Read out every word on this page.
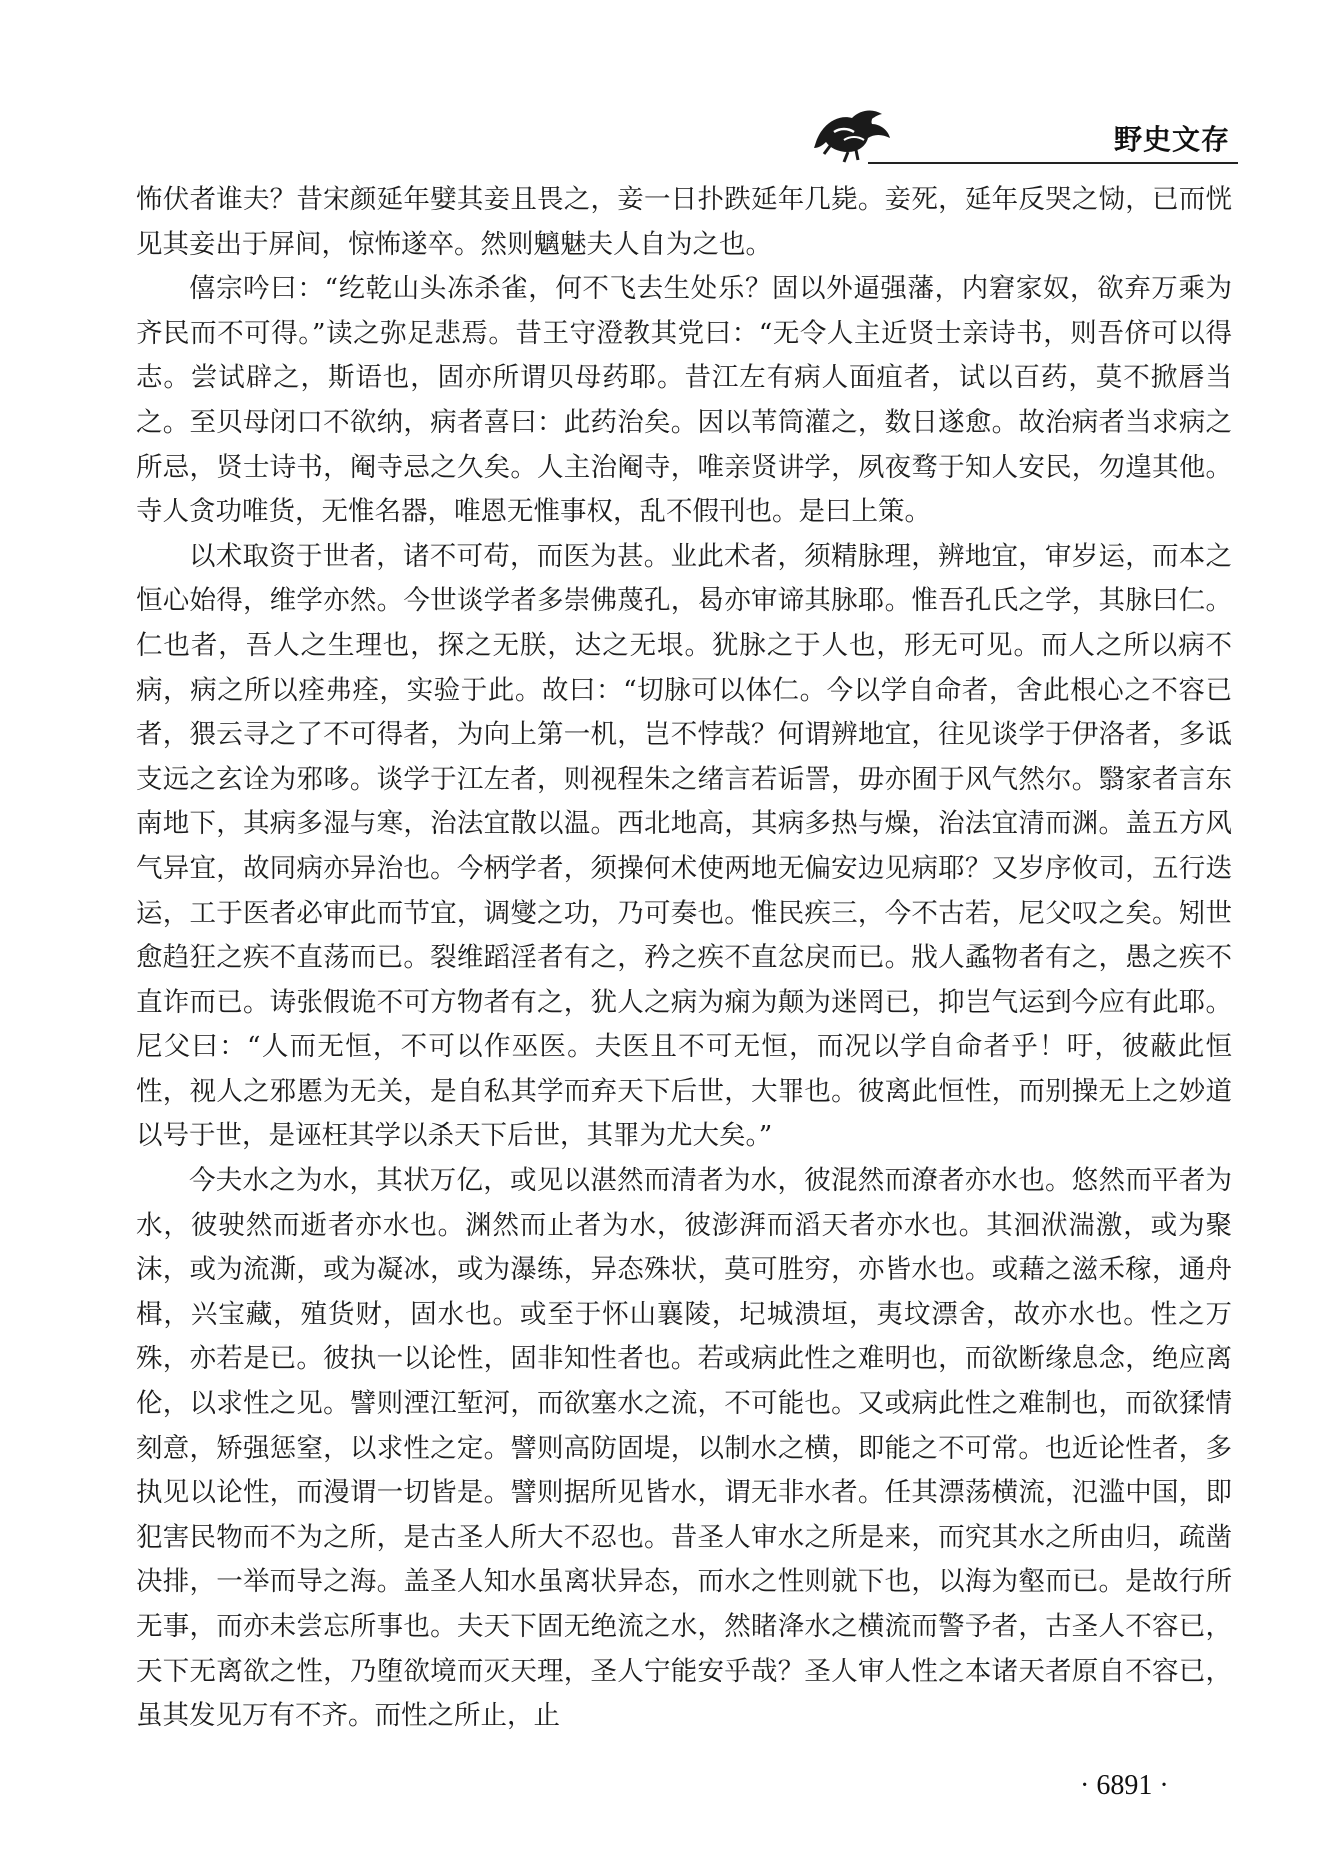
野史文存

怖伏者谁夫？昔宋颜延年嬖其妾且畏之，妾一日扑跌延年几毙。妾死，延年反哭之恸，已而恍见其妾出于屏间，惊怖遂卒。然则魑魅夫人自为之也。

僖宗吟曰：“纥乾山头冻杀雀，何不飞去生处乐？固以外逼强藩，内窘家奴，欲弃万乘为齐民而不可得。”读之弥足悲焉。昔王守澄教其党曰：“无令人主近贤士亲诗书，则吾侪可以得志。尝试辟之，斯语也，固亦所谓贝母药耶。昔江左有病人面疽者，试以百药，莫不掀唇当之。至贝母闭口不欲纳，病者喜曰：此药治矣。因以苇筒灌之，数日遂愈。故治病者当求病之所忌，贤士诗书，阉寺忌之久矣。人主治阉寺，唯亲贤讲学，夙夜骛于知人安民，勿遑其他。寺人贪功唯货，无惟名器，唯恩无惟事权，乱不假刊也。是曰上策。

以术取资于世者，诸不可苟，而医为甚。业此术者，须精脉理，辨地宜，审岁运，而本之恒心始得，维学亦然。今世谈学者多崇佛蔑孔，曷亦审谛其脉耶。惟吾孔氏之学，其脉曰仁。仁也者，吾人之生理也，探之无朕，达之无垠。犹脉之于人也，形无可见。而人之所以病不病，病之所以痊弗痊，实验于此。故曰：“切脉可以体仁。今以学自命者，舍此根心之不容已者，猥云寻之了不可得者，为向上第一机，岂不悖哉？何谓辨地宜，往见谈学于伊洛者，多诋支远之玄诠为邪哆。谈学于江左者，则视程朱之绪言若诟詈，毋亦囿于风气然尔。翳家者言东南地下，其病多湿与寒，治法宜散以温。西北地高，其病多热与燥，治法宜清而渊。盖五方风气异宜，故同病亦异治也。今柄学者，须操何术使两地无偏安边见病耶？又岁序攸司，五行迭运，工于医者必审此而节宜，调燮之功，乃可奏也。惟民疾三，今不古若，尼父叹之矣。矧世愈趋狂之疾不直荡而已。裂维蹈淫者有之，矜之疾不直忿戾而已。戕人蟊物者有之，愚之疾不直诈而已。诪张假诡不可方物者有之，犹人之病为痫为颠为迷罔已，抑岂气运到今应有此耶。尼父曰：“人而无恒，不可以作巫医。夫医且不可无恒，而况以学自命者乎！吁，彼蔽此恒性，视人之邪慝为无关，是自私其学而弃天下后世，大罪也。彼离此恒性，而别操无上之妙道以号于世，是诬枉其学以杀天下后世，其罪为尤大矣。”

今夫水之为水，其状万亿，或见以湛然而清者为水，彼混然而潦者亦水也。悠然而平者为水，彼驶然而逝者亦水也。渊然而止者为水，彼澎湃而滔天者亦水也。其洄洑湍激，或为聚沫，或为流澌，或为凝冰，或为瀑练，异态殊状，莫可胜穷，亦皆水也。或藉之滋禾稼，通舟楫，兴宝藏，殖货财，固水也。或至于怀山襄陵，圮城溃垣，夷坟漂舍，故亦水也。性之万殊，亦若是已。彼执一以论性，固非知性者也。若或病此性之难明也，而欲断缘息念，绝应离伦，以求性之见。譬则湮江堑河，而欲塞水之流，不可能也。又或病此性之难制也，而欲猱情刻意，矫强惩窒，以求性之定。譬则高防固堤，以制水之横，即能之不可常。也近论性者，多执见以论性，而漫谓一切皆是。譬则据所见皆水，谓无非水者。任其漂荡横流，氾滥中国，即犯害民物而不为之所，是古圣人所大不忍也。昔圣人审水之所是来，而究其水之所由归，疏凿决排，一举而导之海。盖圣人知水虽离状异态，而水之性则就下也，以海为壑而已。是故行所无事，而亦未尝忘所事也。夫天下固无绝流之水，然睹洚水之横流而警予者，古圣人不容已，天下无离欲之性，乃堕欲境而灭天理，圣人宁能安乎哉？圣人审人性之本诸天者原自不容已，虽其发见万有不齐。而性之所止，止

· 6891 ·
